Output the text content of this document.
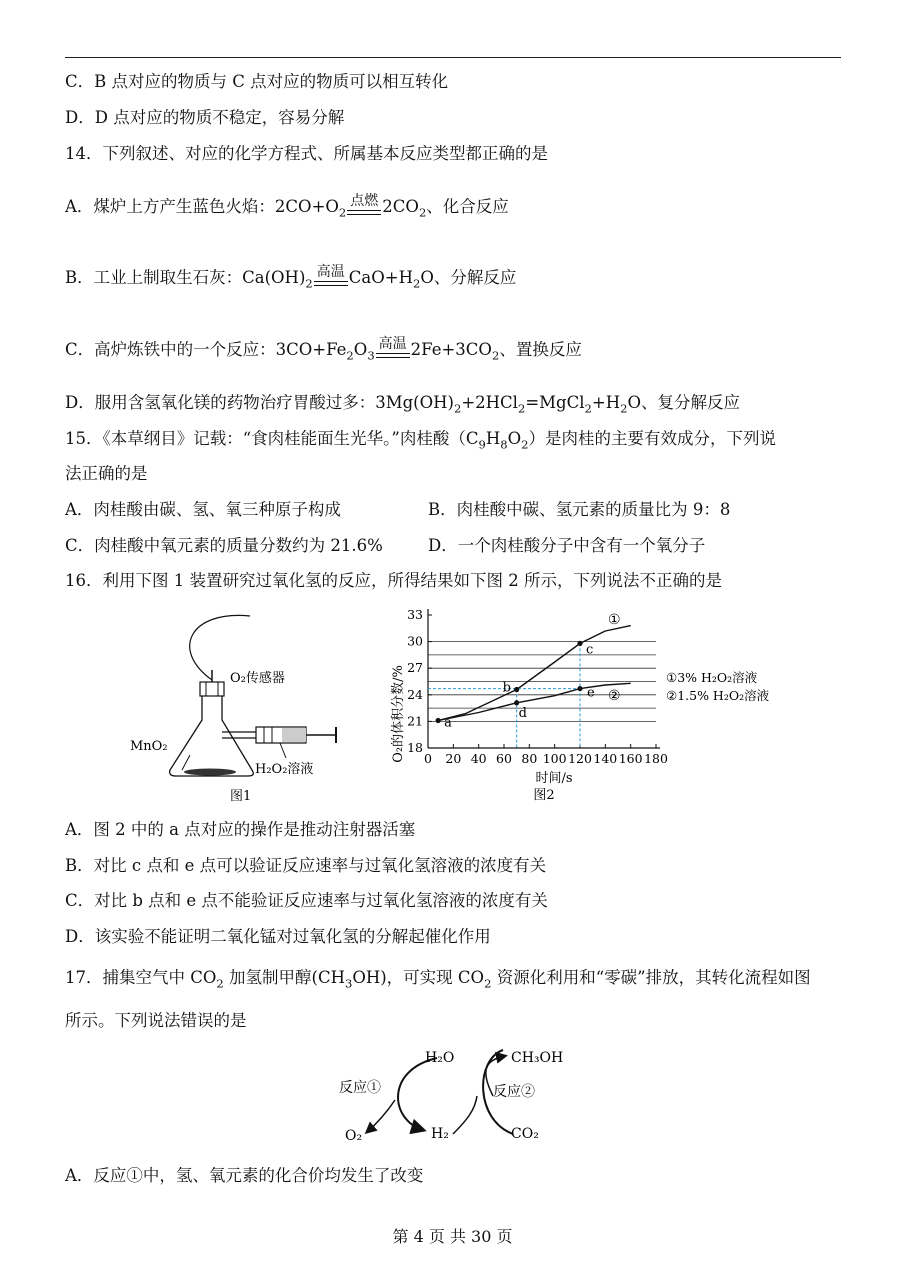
C．B 点对应的物质与 C 点对应的物质可以相互转化
D．D 点对应的物质不稳定，容易分解
14．下列叙述、对应的化学方程式、所属基本反应类型都正确的是
A．煤炉上方产生蓝色火焰：$2CO+O_2$
点燃 $2CO_2$、化合反应
B．工业上制取生石灰：$Ca(OH)_2$
高温 $CaO+H_2O$、分解反应
C．高炉炼铁中的一个反应：$3CO+Fe_2O_3$
高温 $2Fe+3CO_2$、置换反应
D．服用含氢氧化镁的药物治疗胃酸过多：$3Mg(OH)_2+2HCl_2=MgCl_2+H_2O$、复分解反应
15．《本草纲目》记载：“食肉桂能面生光华。”肉桂酸$(C_9H_8O_2)$是肉桂的主要有效成分，下列说
法正确的是
A．肉桂酸由碳、氢、氧三种原子构成	B．肉桂酸中碳、氢元素的质量比为 9：8
C．肉桂酸中氧元素的质量分数约为 21.6%	D．一个肉桂酸分子中含有一个氧分子
16．利用下图 1 装置研究过氧化氢的反应，所得结果如下图 2 所示，下列说法不正确的是
O₂传感器
MnO₂
H₂O₂溶液
图1
18
21
24
27
30
33
0 20 40 60 80 100 120 140 160 180
a
b
c
d
e
O₂的体积分数/%
时间/s
图2
①3% H₂O₂溶液
②1.5% H₂O₂溶液
①
②
A．图 2 中的 a 点对应的操作是推动注射器活塞
B．对比 c 点和 e 点可以验证反应速率与过氧化氢溶液的浓度有关
C．对比 b 点和 e 点不能验证反应速率与过氧化氢溶液的浓度有关
D．该实验不能证明二氧化锰对过氧化氢的分解起催化作用
17．捕集空气中 $CO_2$ 加氢制甲醇$(CH_3OH)$，可实现 $CO_2$ 资源化利用和“零碳”排放，其转化流程如图
所示。下列说法错误的是
H₂O	CH₃OH
反应①	反应②
O₂	H₂	CO₂
A．反应①中，氢、氧元素的化合价均发生了改变
第 4 页 共 30 页
